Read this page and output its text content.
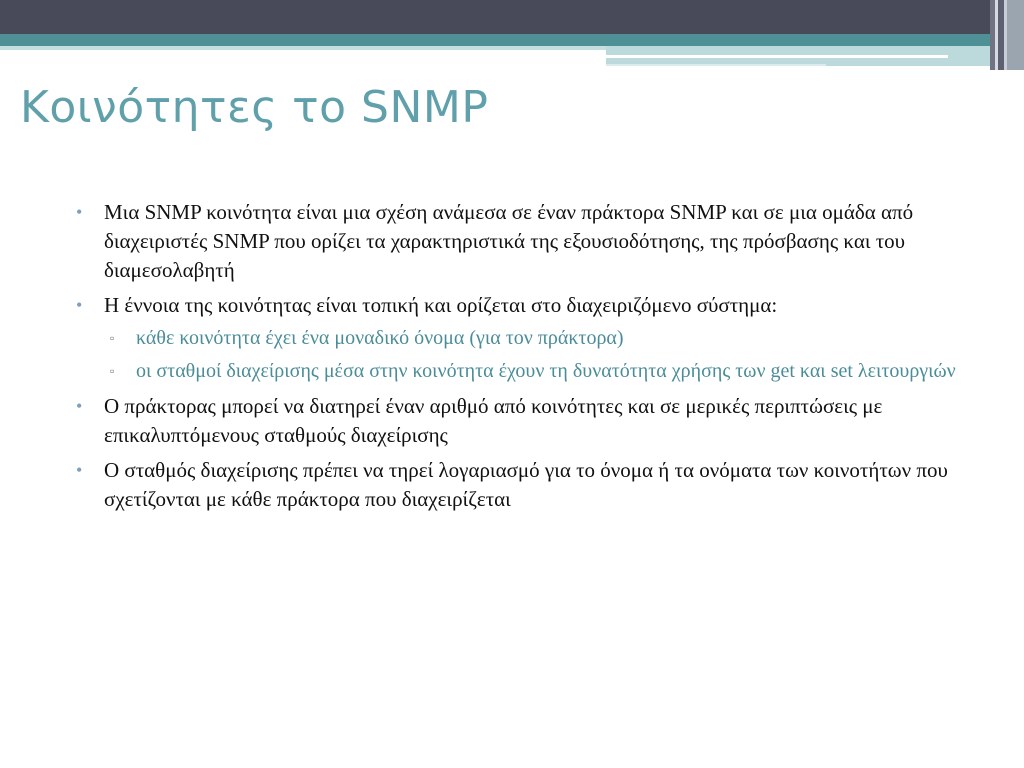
Κοινότητες το SNMP
• Μια SNMP κοινότητα είναι μια σχέση ανάμεσα σε έναν πράκτορα SNMP και σε μια ομάδα από διαχειριστές SNMP που ορίζει τα χαρακτηριστικά της εξουσιοδότησης, της πρόσβασης και του διαμεσολαβητή
• Η έννοια της κοινότητας είναι τοπική και ορίζεται στο διαχειριζόμενο σύστημα:
▫ κάθε κοινότητα έχει ένα μοναδικό όνομα (για τον πράκτορα)
▫ οι σταθμοί διαχείρισης μέσα στην κοινότητα έχουν τη δυνατότητα χρήσης των get και set λειτουργιών
• Ο πράκτορας μπορεί να διατηρεί έναν αριθμό από κοινότητες και σε μερικές περιπτώσεις με επικαλυπτόμενους σταθμούς διαχείρισης
• Ο σταθμός διαχείρισης πρέπει να τηρεί λογαριασμό για το όνομα ή τα ονόματα των κοινοτήτων που σχετίζονται με κάθε πράκτορα που διαχειρίζεται
